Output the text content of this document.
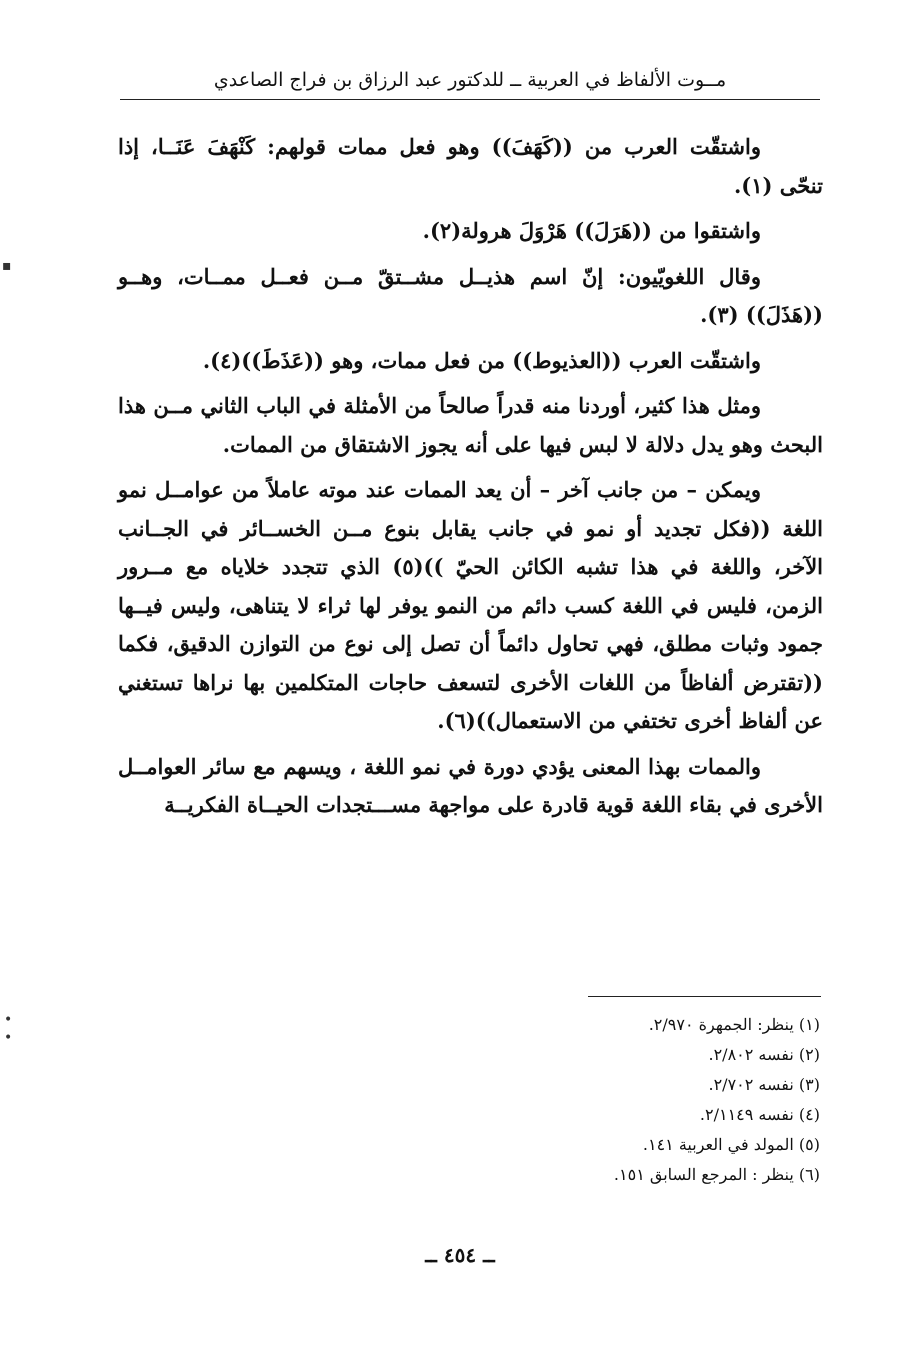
مــوت الألفاظ في العربية ــ للدكتور عبد الرزاق بن فراج الصاعدي

واشتقّت العرب من ((كَهَفَ)) وهو فعل ممات قولهم: كَنْهَفَ عَنَــا، إذا تنحّى (١).

واشتقوا من ((هَرَلَ)) هَرْوَلَ هرولة(٢).

وقال اللغويّيون: إنّ اسم هذيــل مشــتقّ مــن فعــل ممــات، وهــو ((هَذَلَ)) (٣).

واشتقّت العرب ((العذيوط)) من فعل ممات، وهو ((عَذَطَ))(٤).

ومثل هذا كثير، أوردنا منه قدراً صالحاً من الأمثلة في الباب الثاني مــن هذا البحث وهو يدل دلالة لا لبس فيها على أنه يجوز الاشتقاق من الممات.

ويمكن – من جانب آخر – أن يعد الممات عند موته عاملاً من عوامــل نمو اللغة ((فكل تجديد أو نمو في جانب يقابل بنوع مــن الخســائر في الجــانب الآخر، واللغة في هذا تشبه الكائن الحيّ ))(٥) الذي تتجدد خلاياه مع مــرور الزمن، فليس في اللغة كسب دائم من النمو يوفر لها ثراء لا يتناهى، وليس فيــها جمود وثبات مطلق، فهي تحاول دائماً أن تصل إلى نوع من التوازن الدقيق، فكما ((تقترض ألفاظاً من اللغات الأخرى لتسعف حاجات المتكلمين بها نراها تستغني عن ألفاظ أخرى تختفي من الاستعمال))(٦).

والممات بهذا المعنى يؤدي دورة في نمو اللغة ، ويسهم مع سائر العوامــل الأخرى في بقاء اللغة قوية قادرة على مواجهة مســـتجدات الحيــاة الفكريــة

(١) ينظر: الجمهرة ٢/٩٧٠.
(٢) نفسه ٢/٨٠٢.
(٣) نفسه ٢/٧٠٢.
(٤) نفسه ٢/١١٤٩.
(٥) المولد في العربية ١٤١.
(٦) ينظر : المرجع السابق ١٥١.
ــ ٤٥٤ ــ
▪
•
•
